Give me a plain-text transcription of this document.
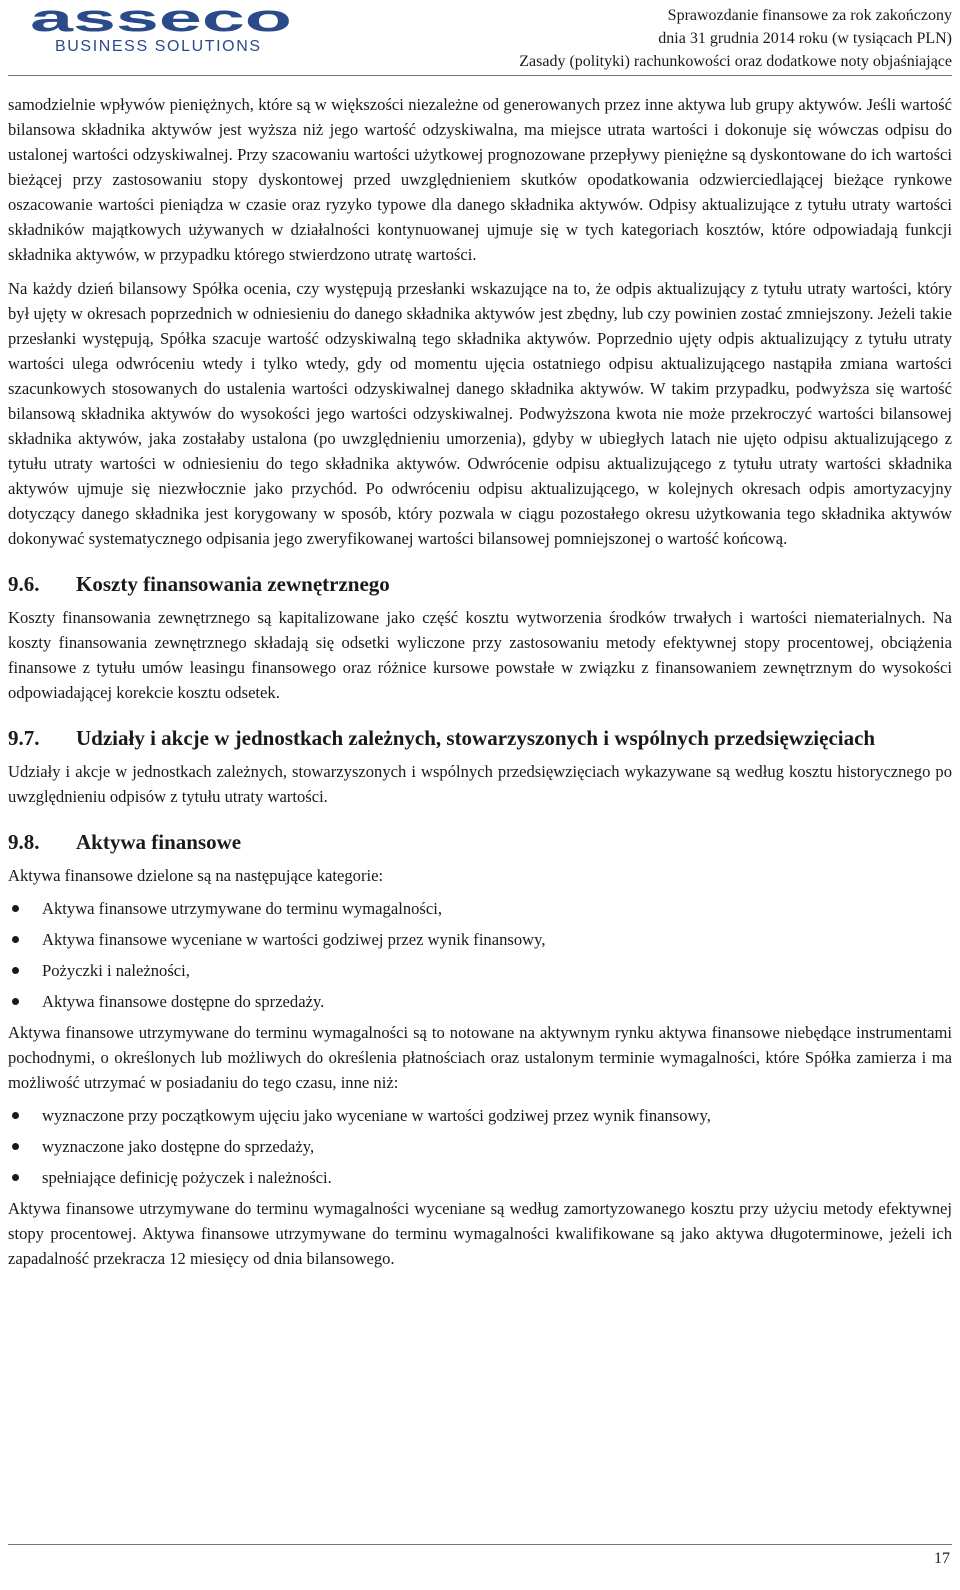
asseco
BUSINESS SOLUTIONS
Sprawozdanie finansowe za rok zakończony
dnia 31 grudnia 2014 roku (w tysiącach PLN)
Zasady (polityki) rachunkowości oraz dodatkowe noty objaśniające

samodzielnie wpływów pieniężnych, które są w większości niezależne od generowanych przez inne aktywa lub grupy aktywów. Jeśli wartość bilansowa składnika aktywów jest wyższa niż jego wartość odzyskiwalna, ma miejsce utrata wartości i dokonuje się wówczas odpisu do ustalonej wartości odzyskiwalnej. Przy szacowaniu wartości użytkowej prognozowane przepływy pieniężne są dyskontowane do ich wartości bieżącej przy zastosowaniu stopy dyskontowej przed uwzględnieniem skutków opodatkowania odzwierciedlającej bieżące rynkowe oszacowanie wartości pieniądza w czasie oraz ryzyko typowe dla danego składnika aktywów. Odpisy aktualizujące z tytułu utraty wartości składników majątkowych używanych w działalności kontynuowanej ujmuje się w tych kategoriach kosztów, które odpowiadają funkcji składnika aktywów, w przypadku którego stwierdzono utratę wartości.

Na każdy dzień bilansowy Spółka ocenia, czy występują przesłanki wskazujące na to, że odpis aktualizujący z tytułu utraty wartości, który był ujęty w okresach poprzednich w odniesieniu do danego składnika aktywów jest zbędny, lub czy powinien zostać zmniejszony. Jeżeli takie przesłanki występują, Spółka szacuje wartość odzyskiwalną tego składnika aktywów. Poprzednio ujęty odpis aktualizujący z tytułu utraty wartości ulega odwróceniu wtedy i tylko wtedy, gdy od momentu ujęcia ostatniego odpisu aktualizującego nastąpiła zmiana wartości szacunkowych stosowanych do ustalenia wartości odzyskiwalnej danego składnika aktywów. W takim przypadku, podwyższa się wartość bilansową składnika aktywów do wysokości jego wartości odzyskiwalnej. Podwyższona kwota nie może przekroczyć wartości bilansowej składnika aktywów, jaka zostałaby ustalona (po uwzględnieniu umorzenia), gdyby w ubiegłych latach nie ujęto odpisu aktualizującego z tytułu utraty wartości w odniesieniu do tego składnika aktywów. Odwrócenie odpisu aktualizującego z tytułu utraty wartości składnika aktywów ujmuje się niezwłocznie jako przychód. Po odwróceniu odpisu aktualizującego, w kolejnych okresach odpis amortyzacyjny dotyczący danego składnika jest korygowany w sposób, który pozwala w ciągu pozostałego okresu użytkowania tego składnika aktywów dokonywać systematycznego odpisania jego zweryfikowanej wartości bilansowej pomniejszonej o wartość końcową.

9.6.	Koszty finansowania zewnętrznego

Koszty finansowania zewnętrznego są kapitalizowane jako część kosztu wytworzenia środków trwałych i wartości niematerialnych. Na koszty finansowania zewnętrznego składają się odsetki wyliczone przy zastosowaniu metody efektywnej stopy procentowej, obciążenia finansowe z tytułu umów leasingu finansowego oraz różnice kursowe powstałe w związku z finansowaniem zewnętrznym do wysokości odpowiadającej korekcie kosztu odsetek.

9.7.	Udziały i akcje w jednostkach zależnych, stowarzyszonych i wspólnych przedsięwzięciach

Udziały i akcje w jednostkach zależnych, stowarzyszonych i wspólnych przedsięwzięciach wykazywane są według kosztu historycznego po uwzględnieniu odpisów z tytułu utraty wartości.

9.8.	Aktywa finansowe

Aktywa finansowe dzielone są na następujące kategorie:

Aktywa finansowe utrzymywane do terminu wymagalności,
Aktywa finansowe wyceniane w wartości godziwej przez wynik finansowy,
Pożyczki i należności,
Aktywa finansowe dostępne do sprzedaży.

Aktywa finansowe utrzymywane do terminu wymagalności są to notowane na aktywnym rynku aktywa finansowe niebędące instrumentami pochodnymi, o określonych lub możliwych do określenia płatnościach oraz ustalonym terminie wymagalności, które Spółka zamierza i ma możliwość utrzymać w posiadaniu do tego czasu, inne niż:

wyznaczone przy początkowym ujęciu jako wyceniane w wartości godziwej przez wynik finansowy,
wyznaczone jako dostępne do sprzedaży,
spełniające definicję pożyczek i należności.

Aktywa finansowe utrzymywane do terminu wymagalności wyceniane są według zamortyzowanego kosztu przy użyciu metody efektywnej stopy procentowej. Aktywa finansowe utrzymywane do terminu wymagalności kwalifikowane są jako aktywa długoterminowe, jeżeli ich zapadalność przekracza 12 miesięcy od dnia bilansowego.

17
